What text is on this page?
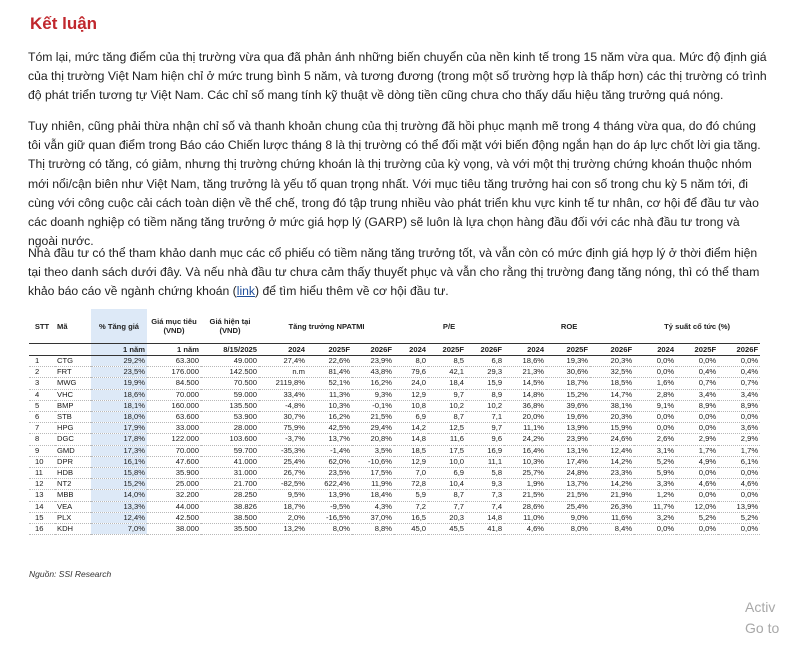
Kết luận
Tóm lại, mức tăng điểm của thị trường vừa qua đã phản ánh những biến chuyển của nền kinh tế trong 15 năm vừa qua. Mức độ định giá của thị trường Việt Nam hiện chỉ ở mức trung bình 5 năm, và tương đương (trong một số trường hợp là thấp hơn) các thị trường có trình độ phát triển tương tự Việt Nam. Các chỉ số mang tính kỹ thuật về dòng tiền cũng chưa cho thấy dấu hiệu tăng trưởng quá nóng.
Tuy nhiên, cũng phải thừa nhận chỉ số và thanh khoản chung của thị trường đã hồi phục mạnh mẽ trong 4 tháng vừa qua, do đó chúng tôi vẫn giữ quan điểm trong Báo cáo Chiến lược tháng 8 là thị trường có thể đối mặt với biến động ngắn hạn do áp lực chốt lời gia tăng. Thị trường có tăng, có giảm, nhưng thị trường chứng khoán là thị trường của kỳ vọng, và với một thị trường chứng khoán thuộc nhóm mới nổi/cận biên như Việt Nam, tăng trưởng là yếu tố quan trọng nhất. Với mục tiêu tăng trưởng hai con số trong chu kỳ 5 năm tới, đi cùng với công cuộc cải cách toàn diện về thể chế, trong đó tập trung nhiều vào phát triển khu vực kinh tế tư nhân, cơ hội để đầu tư vào các doanh nghiệp có tiềm năng tăng trưởng ở mức giá hợp lý (GARP) sẽ luôn là lựa chọn hàng đầu đối với các nhà đầu tư trong và ngoài nước.
Nhà đầu tư có thể tham khảo danh mục các cổ phiếu có tiềm năng tăng trưởng tốt, và vẫn còn có mức định giá hợp lý ở thời điểm hiện tại theo danh sách dưới đây. Và nếu nhà đầu tư chưa cảm thấy thuyết phục và vẫn cho rằng thị trường đang tăng nóng, thì có thể tham khảo báo cáo về ngành chứng khoán (link) để tìm hiểu thêm về cơ hội đầu tư.
STT	Mã	% Tăng giá	Giá mục tiêu (VND)	Giá hiện tại (VND)	Tăng trưởng NPATMI			P/E			ROE			Tỷ suất cổ tức (%)		
		1 năm	1 năm	8/15/2025	2024	2025F	2026F	2024	2025F	2026F	2024	2025F	2026F	2024	2025F	2026F
1	CTG	29,2%	63.300	49.000	27,4%	22,6%	23,9%	8,0	8,5	6,8	18,6%	19,3%	20,3%	0,0%	0,0%	0,0%
2	FRT	23,5%	176.000	142.500	n.m	81,4%	43,8%	79,6	42,1	29,3	21,3%	30,6%	32,5%	0,0%	0,4%	0,4%
3	MWG	19,9%	84.500	70.500	2119,8%	52,1%	16,2%	24,0	18,4	15,9	14,5%	18,7%	18,5%	1,6%	0,7%	0,7%
4	VHC	18,6%	70.000	59.000	33,4%	11,3%	9,3%	12,9	9,7	8,9	14,8%	15,2%	14,7%	2,8%	3,4%	3,4%
5	BMP	18,1%	160.000	135.500	-4,8%	10,3%	-0,1%	10,8	10,2	10,2	36,8%	39,6%	38,1%	9,1%	8,9%	8,9%
6	STB	18,0%	63.600	53.900	30,7%	16,2%	21,5%	6,9	8,7	7,1	20,0%	19,6%	20,3%	0,0%	0,0%	0,0%
7	HPG	17,9%	33.000	28.000	75,9%	42,5%	29,4%	14,2	12,5	9,7	11,1%	13,9%	15,9%	0,0%	0,0%	3,6%
8	DGC	17,8%	122.000	103.600	-3,7%	13,7%	20,8%	14,8	11,6	9,6	24,2%	23,9%	24,6%	2,6%	2,9%	2,9%
9	GMD	17,3%	70.000	59.700	-35,3%	-1,4%	3,5%	18,5	17,5	16,9	16,4%	13,1%	12,4%	3,1%	1,7%	1,7%
10	DPR	16,1%	47.600	41.000	25,4%	62,0%	-10,6%	12,9	10,0	11,1	10,3%	17,4%	14,2%	5,2%	4,9%	6,1%
11	HDB	15,8%	35.900	31.000	26,7%	23,5%	17,5%	7,0	6,9	5,8	25,7%	24,8%	23,3%	5,9%	0,0%	0,0%
12	NT2	15,2%	25.000	21.700	-82,5%	622,4%	11,9%	72,8	10,4	9,3	1,9%	13,7%	14,2%	3,3%	4,6%	4,6%
13	MBB	14,0%	32.200	28.250	9,5%	13,9%	18,4%	5,9	8,7	7,3	21,5%	21,5%	21,9%	1,2%	0,0%	0,0%
14	VEA	13,3%	44.000	38.826	18,7%	-9,5%	4,3%	7,2	7,7	7,4	28,6%	25,4%	26,3%	11,7%	12,0%	13,9%
15	PLX	12,4%	42.500	38.500	2,0%	-16,5%	37,0%	16,5	20,3	14,8	11,0%	9,0%	11,6%	3,2%	5,2%	5,2%
16	KDH	7,0%	38.000	35.500	13,2%	8,0%	8,8%	45,0	45,5	41,8	4,6%	8,0%	8,4%	0,0%	0,0%	0,0%
Nguồn: SSI Research
Activ
Go to
